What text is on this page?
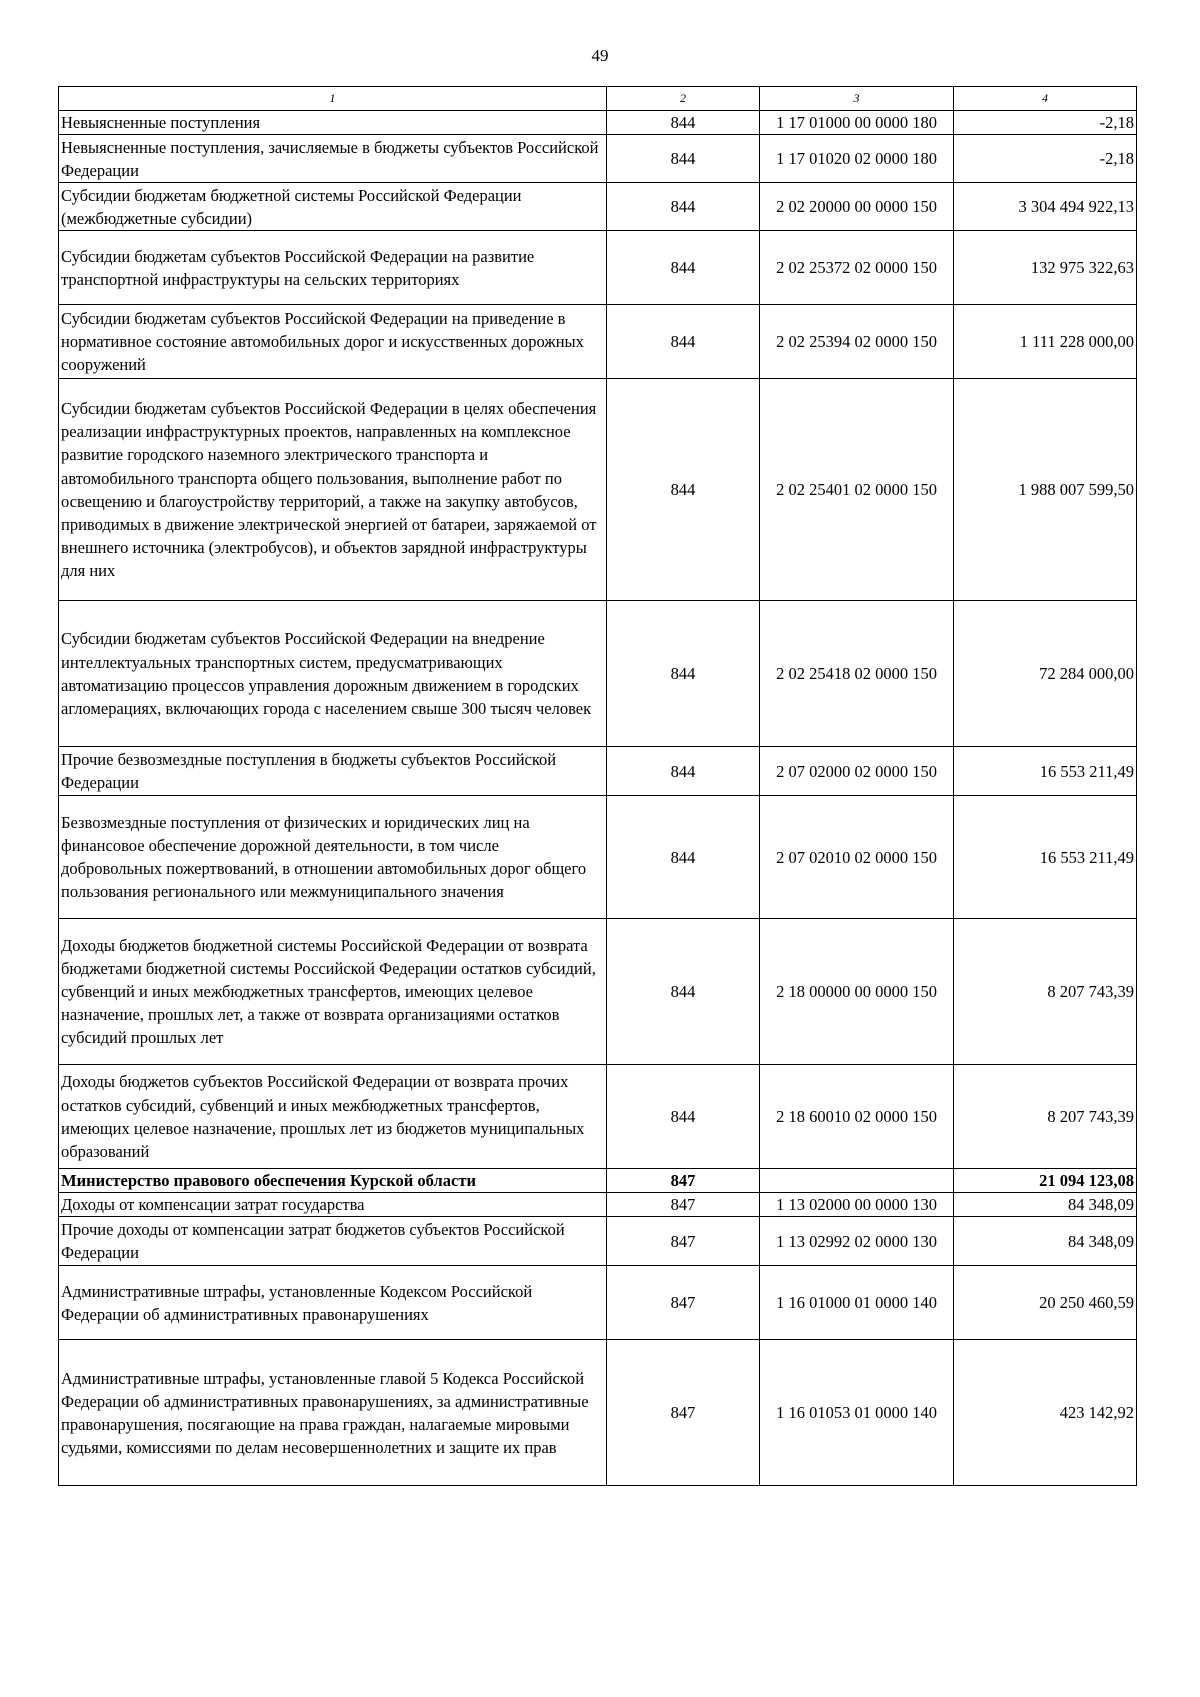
49
1	2	3	4
Невыясненные поступления	844	1 17 01000 00 0000 180	-2,18
Невыясненные поступления, зачисляемые в бюджеты субъектов Российской Федерации	844	1 17 01020 02 0000 180	-2,18
Субсидии бюджетам бюджетной системы Российской Федерации (межбюджетные субсидии)	844	2 02 20000 00 0000 150	3 304 494 922,13
Субсидии бюджетам субъектов Российской Федерации на развитие транспортной инфраструктуры на сельских территориях	844	2 02 25372 02 0000 150	132 975 322,63
Субсидии бюджетам субъектов Российской Федерации на приведение в нормативное состояние автомобильных дорог и искусственных дорожных сооружений	844	2 02 25394 02 0000 150	1 111 228 000,00
Субсидии бюджетам субъектов Российской Федерации в целях обеспечения реализации инфраструктурных проектов, направленных на комплексное развитие городского наземного электрического транспорта и автомобильного транспорта общего пользования, выполнение работ по освещению и благоустройству территорий, а также на закупку автобусов, приводимых в движение электрической энергией от батареи, заряжаемой от внешнего источника (электробусов), и объектов зарядной инфраструктуры для них	844	2 02 25401 02 0000 150	1 988 007 599,50
Субсидии бюджетам субъектов Российской Федерации на внедрение интеллектуальных транспортных систем, предусматривающих автоматизацию процессов управления дорожным движением в городских агломерациях, включающих города с населением свыше 300 тысяч человек	844	2 02 25418 02 0000 150	72 284 000,00
Прочие безвозмездные поступления в бюджеты субъектов Российской Федерации	844	2 07 02000 02 0000 150	16 553 211,49
Безвозмездные поступления от физических и юридических лиц на финансовое обеспечение дорожной деятельности, в том числе добровольных пожертвований, в отношении автомобильных дорог общего пользования регионального или межмуниципального значения	844	2 07 02010 02 0000 150	16 553 211,49
Доходы бюджетов бюджетной системы Российской Федерации от возврата бюджетами бюджетной системы Российской Федерации остатков субсидий, субвенций и иных межбюджетных трансфертов, имеющих целевое назначение, прошлых лет, а также от возврата организациями остатков субсидий прошлых лет	844	2 18 00000 00 0000 150	8 207 743,39
Доходы бюджетов субъектов Российской Федерации от возврата прочих остатков субсидий, субвенций и иных межбюджетных трансфертов, имеющих целевое назначение, прошлых лет из бюджетов муниципальных образований	844	2 18 60010 02 0000 150	8 207 743,39
Министерство правового обеспечения Курской области	847		21 094 123,08
Доходы от компенсации затрат государства	847	1 13 02000 00 0000 130	84 348,09
Прочие доходы от компенсации затрат бюджетов субъектов Российской Федерации	847	1 13 02992 02 0000 130	84 348,09
Административные штрафы, установленные Кодексом Российской Федерации об административных правонарушениях	847	1 16 01000 01 0000 140	20 250 460,59
Административные штрафы, установленные главой 5 Кодекса Российской Федерации об административных правонарушениях, за административные правонарушения, посягающие на права граждан, налагаемые мировыми судьями, комиссиями по делам несовершеннолетних и защите их прав	847	1 16 01053 01 0000 140	423 142,92
